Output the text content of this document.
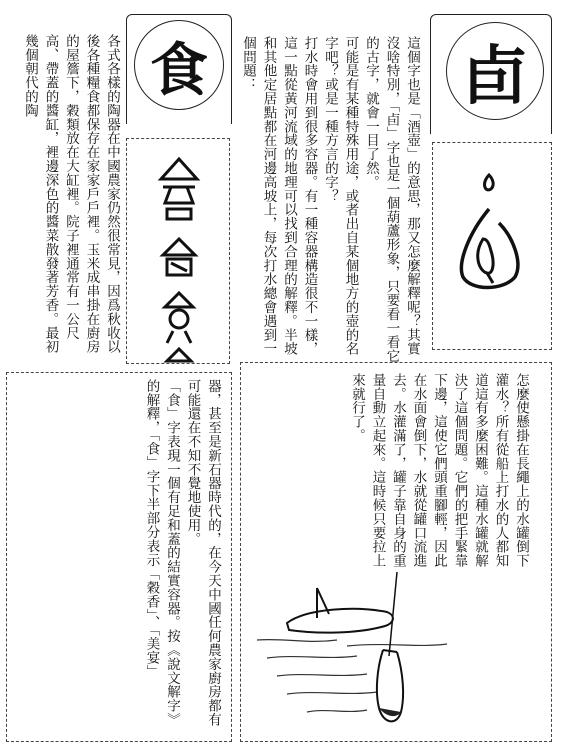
這個字也是「酒壺」的意思，那又怎麼解釋呢？其實沒啥特別，「卣」字也是一個葫蘆形象，只要看一看它的古字，就會一目了然。

可能是有某種特殊用途，或者出自某個地方的壺的名字吧？或是一種方言的字？

打水時會用到很多容器。有一種容器構造很不一樣，這一點從黃河流域的地理可以找到合理的解釋。半坡和其他定居點都在河邊高坡上，每次打水總會遇到一個問題：	卣

怎麼使懸掛在長繩上的水罐倒下灌水？所有從船上打水的人都知道這有多麼困難。這種水罐就解決了這個問題。它們的把手緊靠下邊，這使它們頭重腳輕，因此在水面會倒下，水就從罐口流進去。水灌滿了，罐子靠自身的重量自動立起來。這時候只要拉上來就行了。

食

各式各樣的陶器在中國農家仍然很常見，因爲秋收以後各種糧食都保存在家家戶戶裡。玉米成串掛在廚房的屋簷下，穀類放在大缸裡。院子裡通常有一公尺高、帶蓋的醬缸，裡邊深色的醬菜散發著芳香。最初幾個朝代的陶

器，甚至是新石器時代的，在今天中國任何農家廚房都有可能還在不知不覺地使用。

「食」字表現一個有足和蓋的結實容器。按《說文解字》的解釋，「食」字下半部分表示「穀香」、「美宴」
